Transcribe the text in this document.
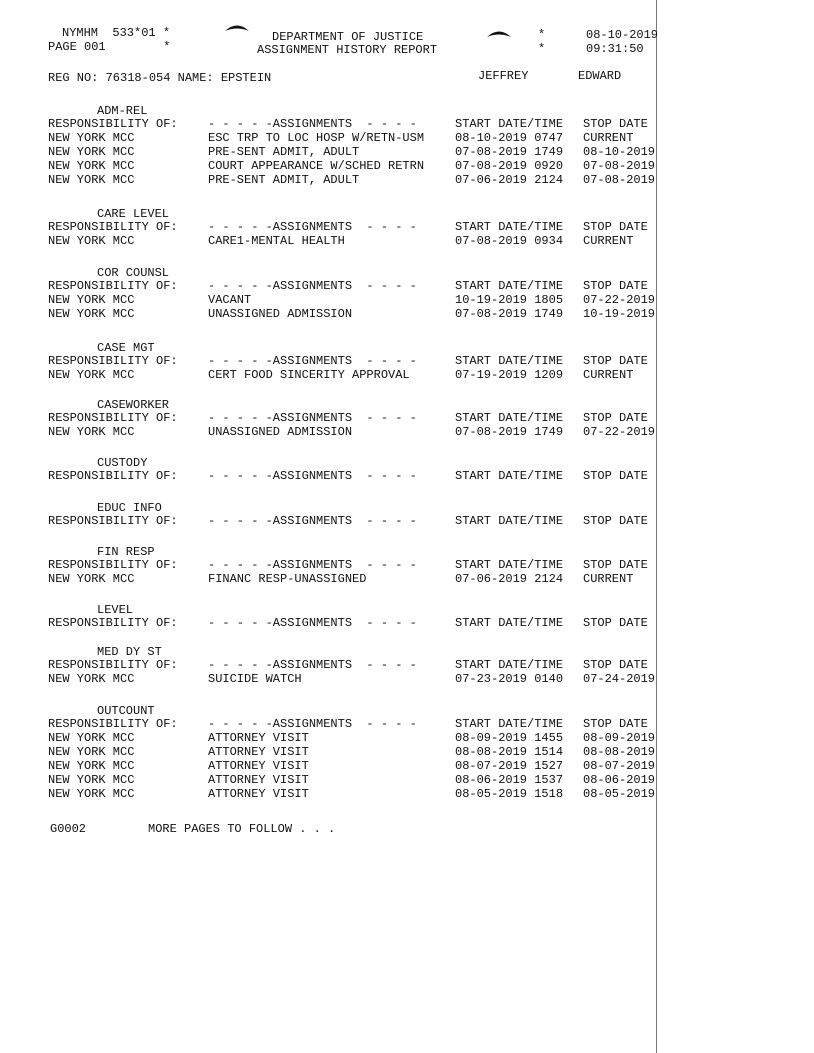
NYMHM  533*01 *
PAGE 001        *
DEPARTMENT OF JUSTICE
ASSIGNMENT HISTORY REPORT
*
*
08-10-2019
09:31:50
REG NO: 76318-054 NAME: EPSTEIN	JEFFREY	EDWARD
ADM-REL
RESPONSIBILITY OF:	- - - - -ASSIGNMENTS  - - - -	START DATE/TIME STOP DATE
NEW YORK MCC	ESC TRP TO LOC HOSP W/RETN-USM	08-10-2019 0747 CURRENT
NEW YORK MCC	PRE-SENT ADMIT, ADULT	07-08-2019 1749 08-10-2019
NEW YORK MCC	COURT APPEARANCE W/SCHED RETRN	07-08-2019 0920 07-08-2019
NEW YORK MCC	PRE-SENT ADMIT, ADULT	07-06-2019 2124 07-08-2019
CARE LEVEL
RESPONSIBILITY OF:	- - - - -ASSIGNMENTS  - - - -	START DATE/TIME STOP DATE
NEW YORK MCC	CARE1-MENTAL HEALTH	07-08-2019 0934 CURRENT
COR COUNSL
RESPONSIBILITY OF:	- - - - -ASSIGNMENTS  - - - -	START DATE/TIME STOP DATE
NEW YORK MCC	VACANT	10-19-2019 1805 07-22-2019
NEW YORK MCC	UNASSIGNED ADMISSION	07-08-2019 1749 10-19-2019
CASE MGT
RESPONSIBILITY OF:	- - - - -ASSIGNMENTS  - - - -	START DATE/TIME STOP DATE
NEW YORK MCC	CERT FOOD SINCERITY APPROVAL	07-19-2019 1209 CURRENT
CASEWORKER
RESPONSIBILITY OF:	- - - - -ASSIGNMENTS  - - - -	START DATE/TIME STOP DATE
NEW YORK MCC	UNASSIGNED ADMISSION	07-08-2019 1749 07-22-2019
CUSTODY
RESPONSIBILITY OF:	- - - - -ASSIGNMENTS  - - - -	START DATE/TIME STOP DATE
EDUC INFO
RESPONSIBILITY OF:	- - - - -ASSIGNMENTS  - - - -	START DATE/TIME STOP DATE
FIN RESP
RESPONSIBILITY OF:	- - - - -ASSIGNMENTS  - - - -	START DATE/TIME STOP DATE
NEW YORK MCC	FINANC RESP-UNASSIGNED	07-06-2019 2124 CURRENT
LEVEL
RESPONSIBILITY OF:	- - - - -ASSIGNMENTS  - - - -	START DATE/TIME STOP DATE
MED DY ST
RESPONSIBILITY OF:	- - - - -ASSIGNMENTS  - - - -	START DATE/TIME STOP DATE
NEW YORK MCC	SUICIDE WATCH	07-23-2019 0140 07-24-2019
OUTCOUNT
RESPONSIBILITY OF:	- - - - -ASSIGNMENTS  - - - -	START DATE/TIME STOP DATE
NEW YORK MCC	ATTORNEY VISIT	08-09-2019 1455 08-09-2019
NEW YORK MCC	ATTORNEY VISIT	08-08-2019 1514 08-08-2019
NEW YORK MCC	ATTORNEY VISIT	08-07-2019 1527 08-07-2019
NEW YORK MCC	ATTORNEY VISIT	08-06-2019 1537 08-06-2019
NEW YORK MCC	ATTORNEY VISIT	08-05-2019 1518 08-05-2019
G0002	MORE PAGES TO FOLLOW . . .
